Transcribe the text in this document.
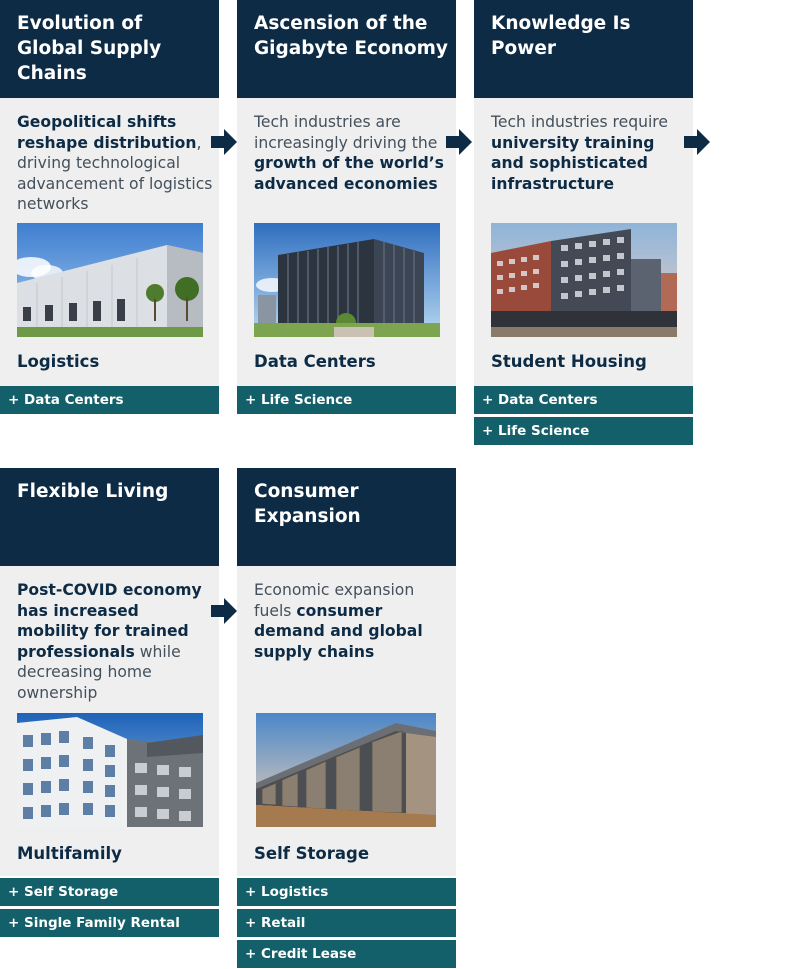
Evolution of Global Supply Chains
Geopolitical shifts reshape distribution, driving technological advancement of logistics networks
Logistics
+ Data Centers
Ascension of the Gigabyte Economy
Tech industries are increasingly driving the growth of the world’s advanced economies
Data Centers
+ Life Science
Knowledge Is Power
Tech industries require university training and sophisticated infrastructure
Student Housing
+ Data Centers
+ Life Science
Flexible Living
Post-COVID economy has increased mobility for trained professionals while decreasing home ownership
Multifamily
+ Self Storage
+ Single Family Rental
Consumer Expansion
Economic expansion fuels consumer demand and global supply chains
Self Storage
+ Logistics
+ Retail
+ Credit Lease
